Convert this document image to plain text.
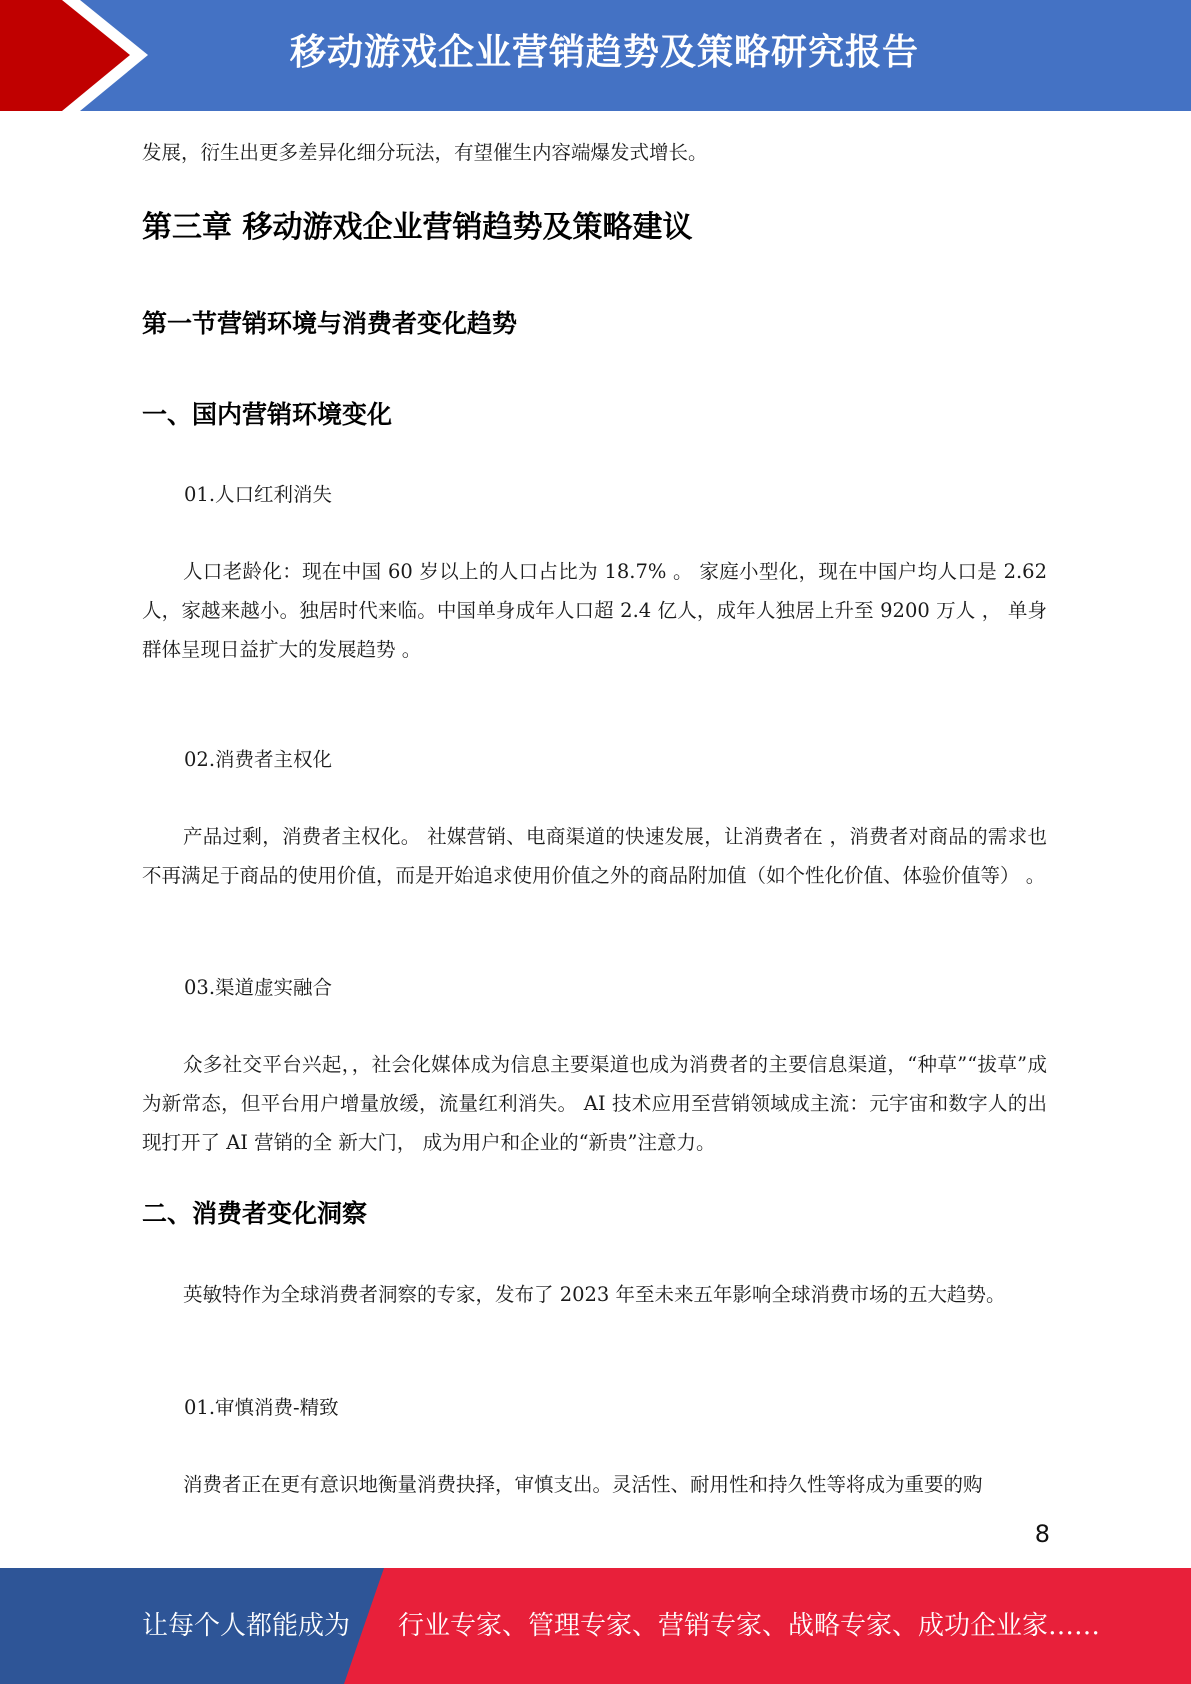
移动游戏企业营销趋势及策略研究报告
发展，衍生出更多差异化细分玩法，有望催生内容端爆发式增长。
第三章 移动游戏企业营销趋势及策略建议
第一节营销环境与消费者变化趋势
一、国内营销环境变化
01.人口红利消失
人口老龄化：现在中国 60 岁以上的人口占比为 18.7% 。 家庭小型化，现在中国户均人口是 2.62 人，家越来越小。独居时代来临。中国单身成年人口超 2.4 亿人，成年人独居上升至 9200 万人 ， 单身群体呈现日益扩大的发展趋势 。
02.消费者主权化
产品过剩，消费者主权化。 社媒营销、电商渠道的快速发展，让消费者在 ，消费者对商品的需求也不再满足于商品的使用价值，而是开始追求使用价值之外的商品附加值（如个性化价值、体验价值等） 。
03.渠道虚实融合
众多社交平台兴起，，社会化媒体成为信息主要渠道也成为消费者的主要信息渠道，“种草”“拔草”成为新常态，但平台用户增量放缓，流量红利消失。 AI 技术应用至营销领域成主流：元宇宙和数字人的出现打开了 AI 营销的全 新大门， 成为用户和企业的“新贵”注意力。
二、消费者变化洞察
英敏特作为全球消费者洞察的专家，发布了 2023 年至未来五年影响全球消费市场的五大趋势。
01.审慎消费-精致
消费者正在更有意识地衡量消费抉择，审慎支出。灵活性、耐用性和持久性等将成为重要的购
8
让每个人都能成为 行业专家、管理专家、营销专家、战略专家、成功企业家……
